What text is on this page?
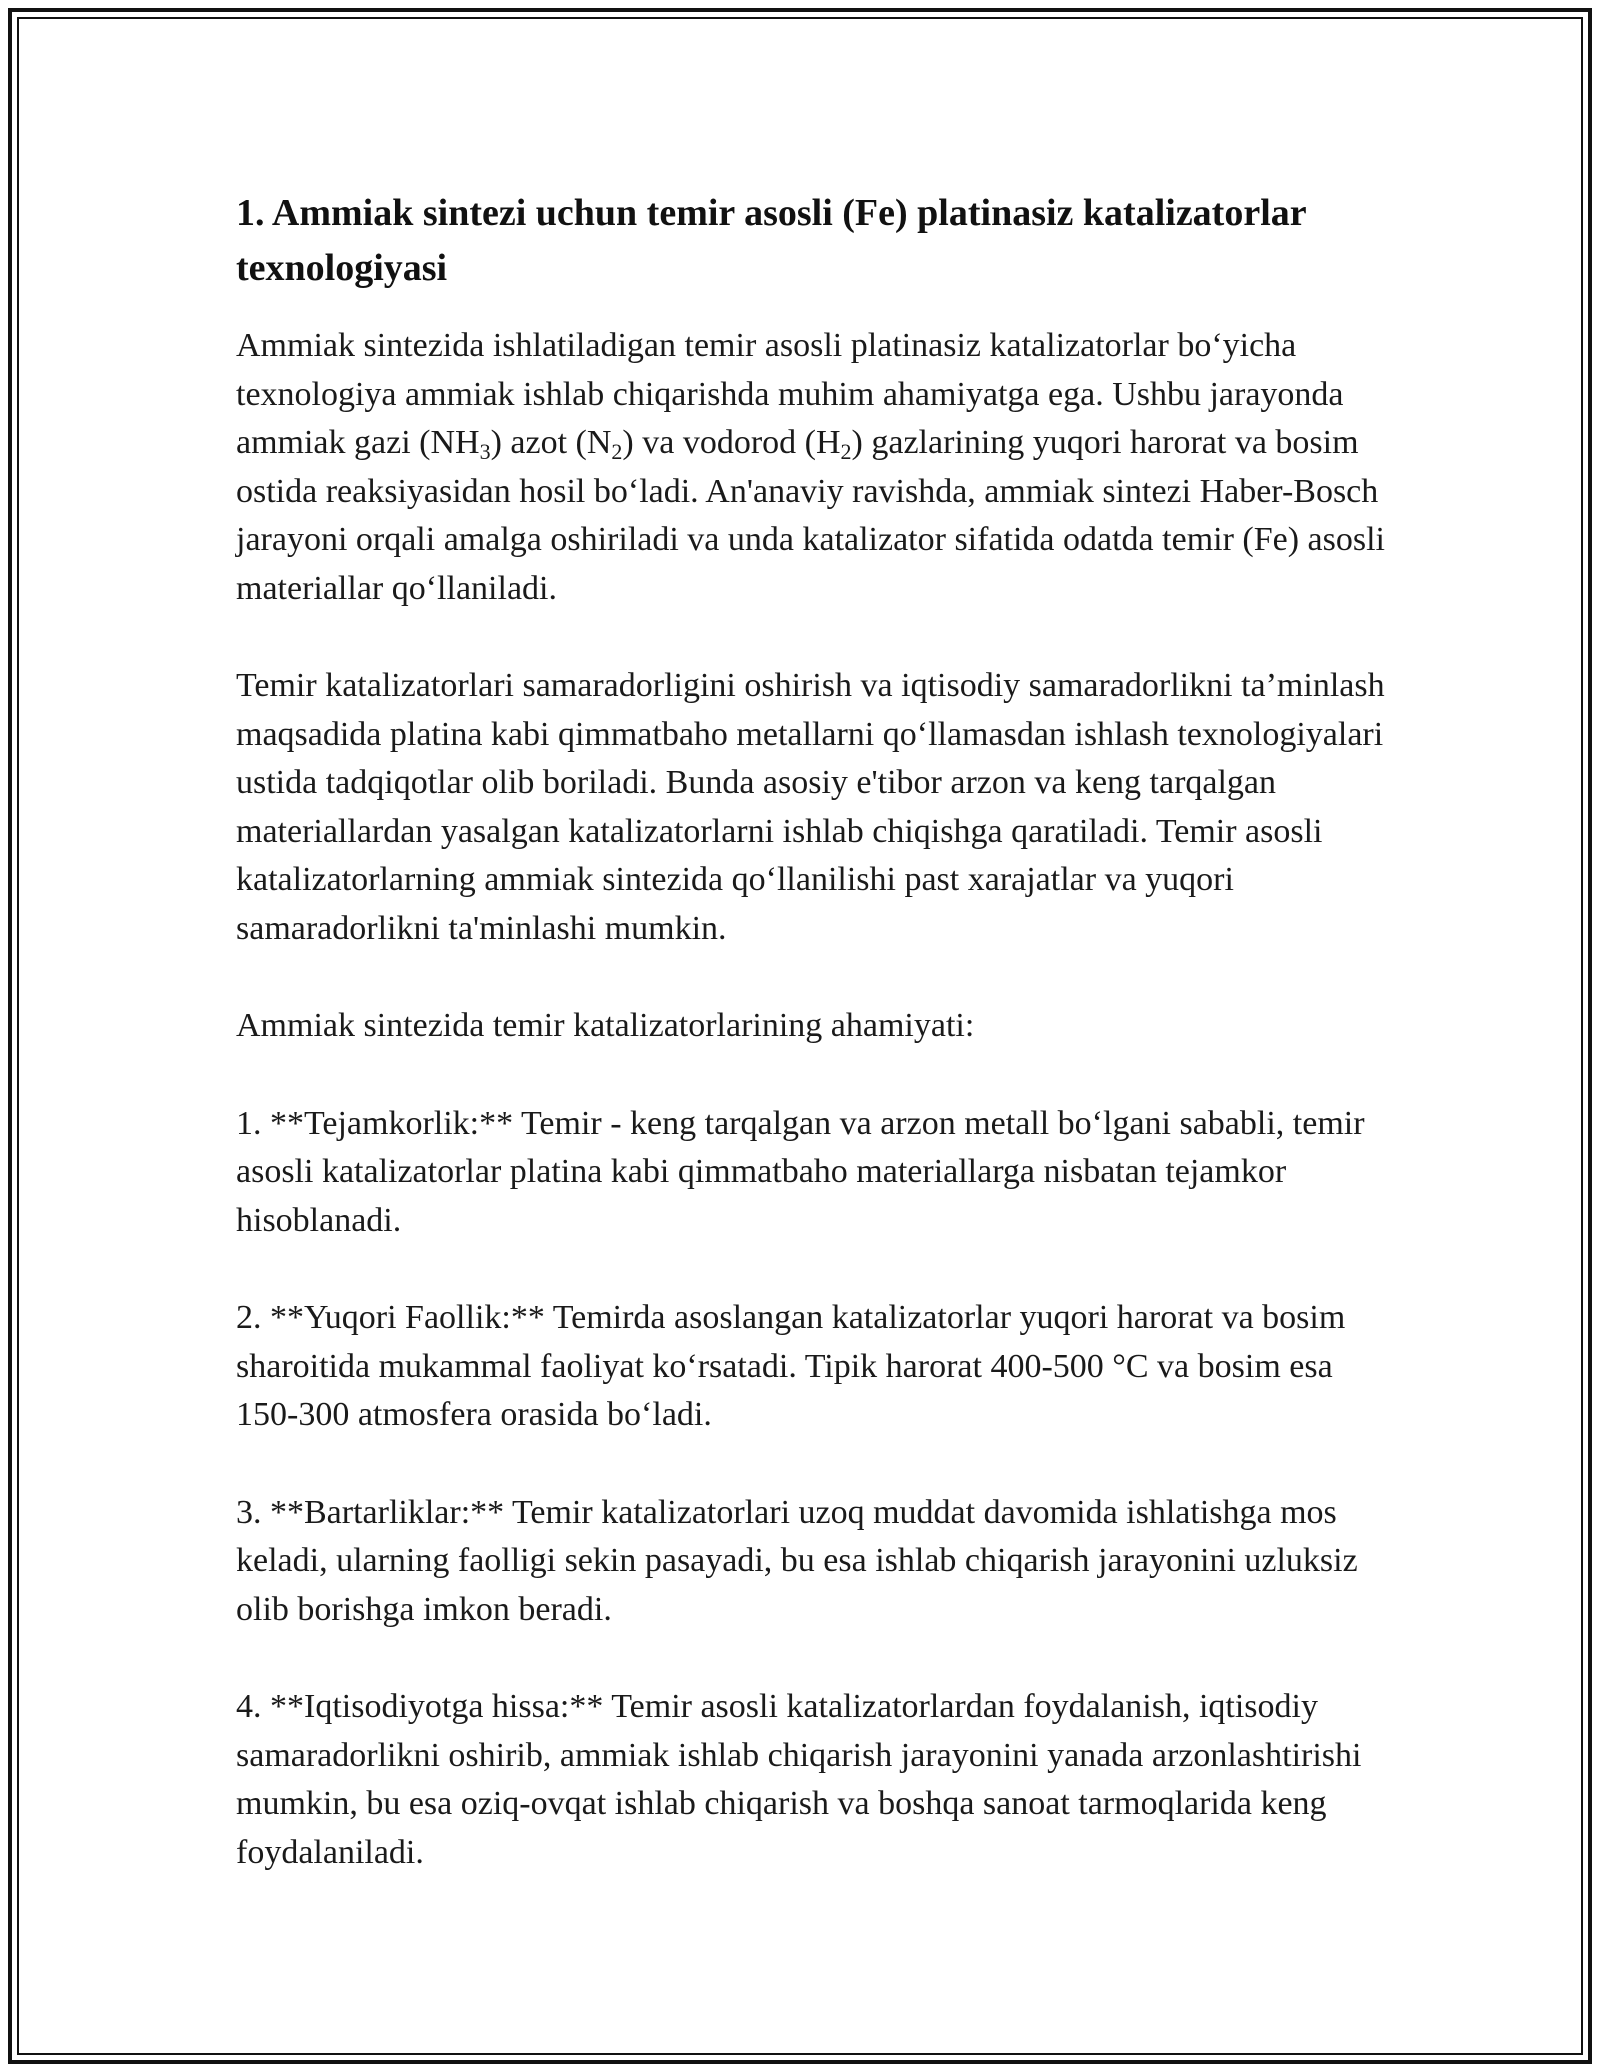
1. Ammiak sintezi uchun temir asosli (Fe) platinasiz katalizatorlar texnologiyasi

Ammiak sintezida ishlatiladigan temir asosli platinasiz katalizatorlar bo‘yicha texnologiya ammiak ishlab chiqarishda muhim ahamiyatga ega. Ushbu jarayonda ammiak gazi $(NH_3)$ azot $(N_2)$ va vodorod $(H_2)$ gazlarining yuqori harorat va bosim ostida reaksiyasidan hosil bo‘ladi. An'anaviy ravishda, ammiak sintezi Haber-Bosch jarayoni orqali amalga oshiriladi va unda katalizator sifatida odatda temir (Fe) asosli materiallar qo‘llaniladi.

Temir katalizatorlari samaradorligini oshirish va iqtisodiy samaradorlikni ta’minlash maqsadida platina kabi qimmatbaho metallarni qo‘llamasdan ishlash texnologiyalari ustida tadqiqotlar olib boriladi. Bunda asosiy e'tibor arzon va keng tarqalgan materiallardan yasalgan katalizatorlarni ishlab chiqishga qaratiladi. Temir asosli katalizatorlarning ammiak sintezida qo‘llanilishi past xarajatlar va yuqori samaradorlikni ta'minlashi mumkin.

Ammiak sintezida temir katalizatorlarining ahamiyati:

1. **Tejamkorlik:** Temir - keng tarqalgan va arzon metall bo‘lgani sababli, temir asosli katalizatorlar platina kabi qimmatbaho materiallarga nisbatan tejamkor hisoblanadi.

2. **Yuqori Faollik:** Temirda asoslangan katalizatorlar yuqori harorat va bosim sharoitida mukammal faoliyat ko‘rsatadi. Tipik harorat 400-500 °C va bosim esa 150-300 atmosfera orasida bo‘ladi.

3. **Bartarliklar:** Temir katalizatorlari uzoq muddat davomida ishlatishga mos keladi, ularning faolligi sekin pasayadi, bu esa ishlab chiqarish jarayonini uzluksiz olib borishga imkon beradi.

4. **Iqtisodiyotga hissa:** Temir asosli katalizatorlardan foydalanish, iqtisodiy samaradorlikni oshirib, ammiak ishlab chiqarish jarayonini yanada arzonlashtirishi mumkin, bu esa oziq-ovqat ishlab chiqarish va boshqa sanoat tarmoqlarida keng foydalaniladi.
